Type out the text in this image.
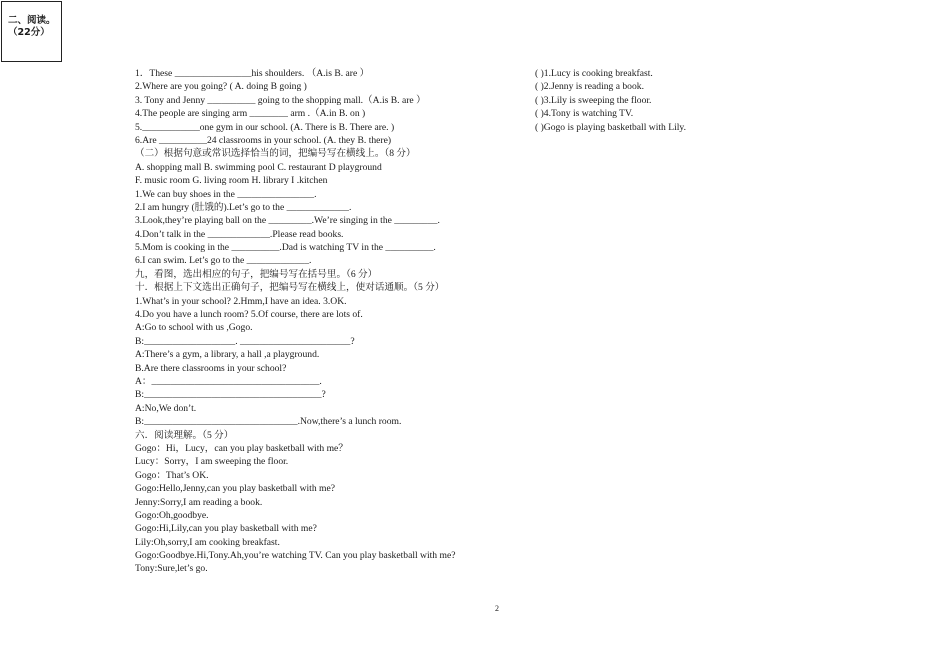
二、阅读。
（22分）
1．These ________________his shoulders. （A.is B. are ）
2.Where are you going? ( A. doing B going )
3. Tony and Jenny __________ going to the shopping mall.（A.is B. are ）
4.The people are singing arm ________ arm .（A.in B. on )
5.____________one gym in our school. (A. There is B. There are. )
6.Are __________24 classrooms in your school. (A. they B. there)
（二）根据句意或常识选择恰当的词，把编号写在横线上。（8 分）
A. shopping mall B. swimming pool C. restaurant D playground
F. music room G. living room H. library I .kitchen
1.We can buy shoes in the ________________.
2.I am hungry (肚饿的).Let’s go to the _____________.
3.Look,they’re playing ball on the _________.We’re singing in the _________.
4.Don’t talk in the _____________.Please read books.
5.Mom is cooking in the __________.Dad is watching TV in the __________.
6.I can swim. Let’s go to the _____________.
九，看图，选出相应的句子，把编号写在括号里。（6 分）
十．根据上下文选出正确句子，把编号写在横线上，使对话通顺。（5 分）
1.What’s in your school? 2.Hmm,I have an idea. 3.OK.
4.Do you have a lunch room? 5.Of course, there are lots of.
A:Go to school with us ,Gogo.
B:___________________. _______________________?
A:There’s a gym, a library, a hall ,a playground.
B.Are there classrooms in your school?
A：___________________________________.
B:_____________________________________?
A:No,We don’t.
B:________________________________.Now,there’s a lunch room.
六．阅读理解。（5 分）
Gogo：Hi，Lucy，can you play basketball with me？
Lucy：Sorry，I am sweeping the floor.
Gogo：That’s OK.
Gogo:Hello,Jenny,can you play basketball with me?
Jenny:Sorry,I am reading a book.
Gogo:Oh,goodbye.
Gogo:Hi,Lily,can you play basketball with me?
Lily:Oh,sorry,I am cooking breakfast.
Gogo:Goodbye.Hi,Tony.Ah,you’re watching TV. Can you play basketball with me?
Tony:Sure,let’s go.
( )1.Lucy is cooking breakfast.
( )2.Jenny is reading a book.
( )3.Lily is sweeping the floor.
( )4.Tony is watching TV.
( )Gogo is playing basketball with Lily.
2
